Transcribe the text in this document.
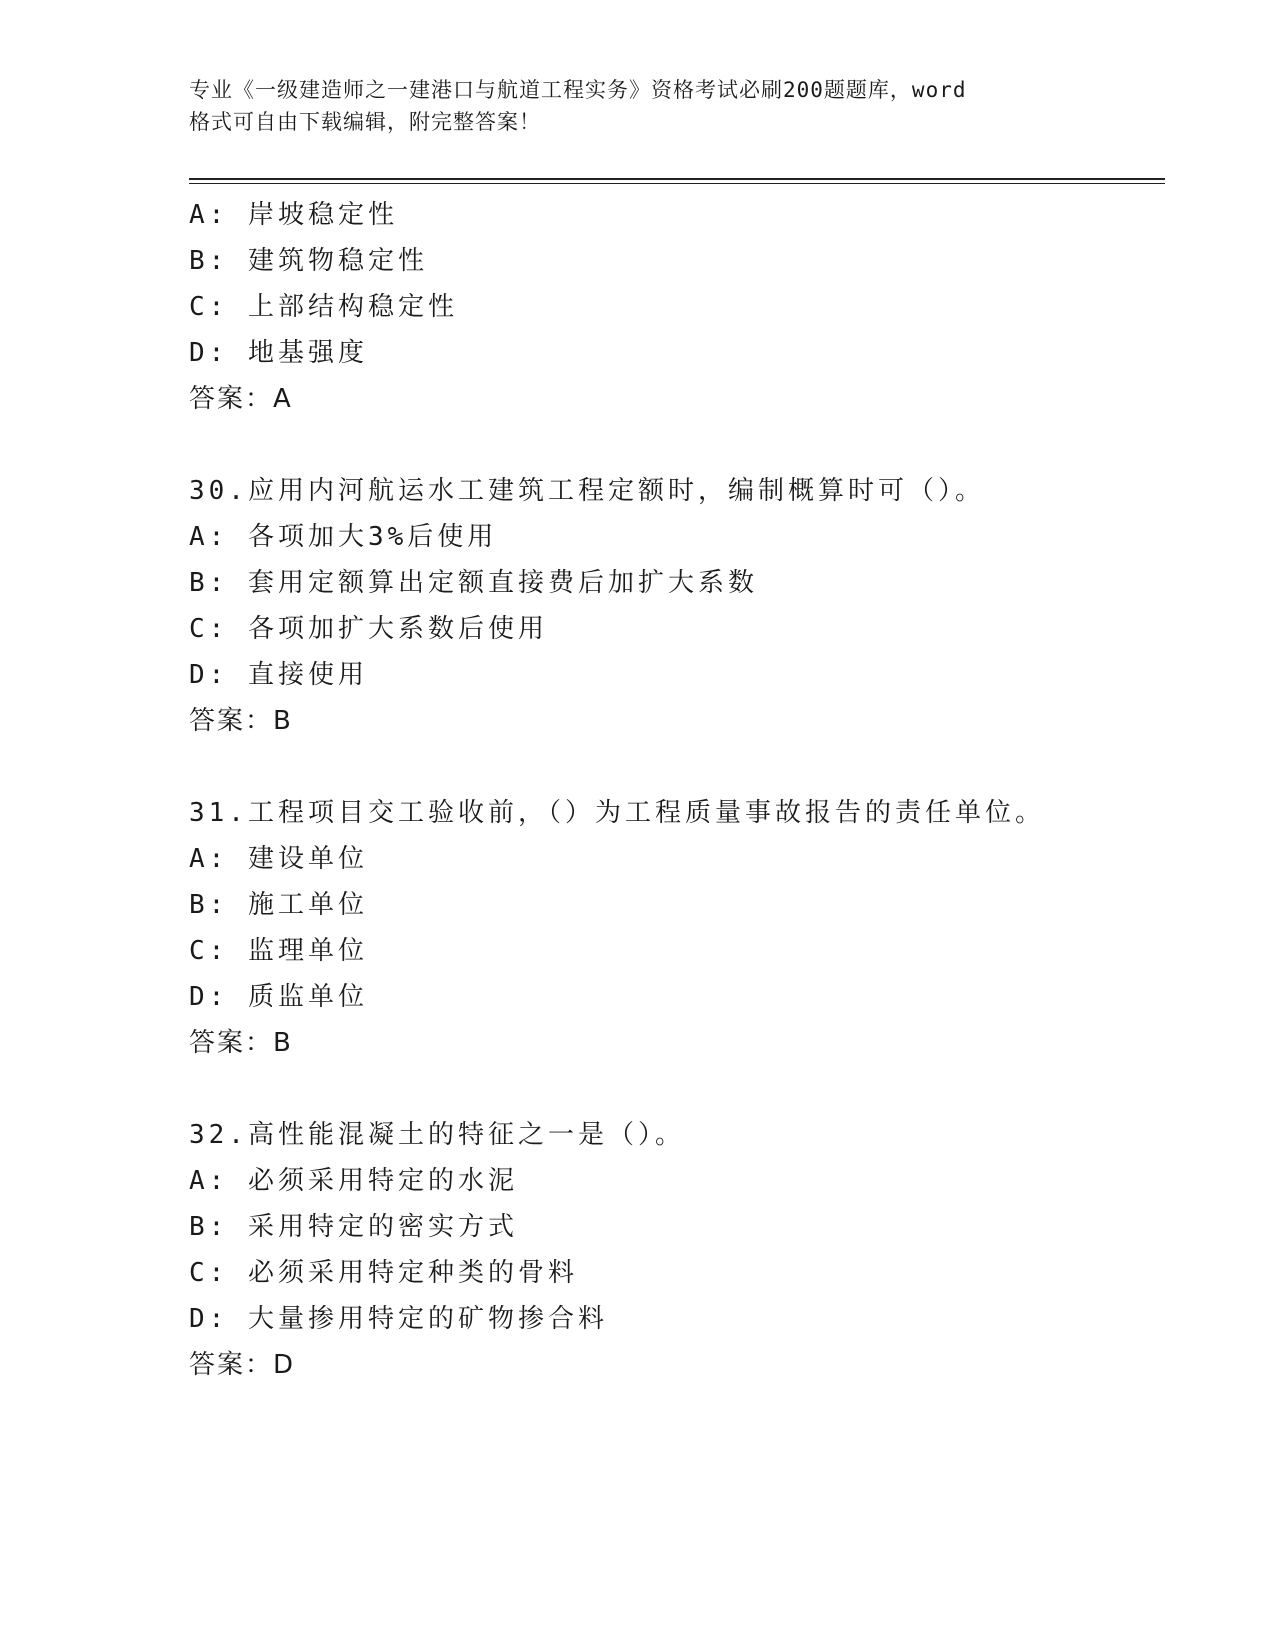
专业《一级建造师之一建港口与航道工程实务》资格考试必刷200题题库，word
格式可自由下载编辑，附完整答案！
A: 岸坡稳定性
B: 建筑物稳定性
C: 上部结构稳定性
D: 地基强度
答案：A
30.应用内河航运水工建筑工程定额时，编制概算时可（）。
A: 各项加大3%后使用
B: 套用定额算出定额直接费后加扩大系数
C: 各项加扩大系数后使用
D: 直接使用
答案：B
31.工程项目交工验收前，（）为工程质量事故报告的责任单位。
A: 建设单位
B: 施工单位
C: 监理单位
D: 质监单位
答案：B
32.高性能混凝土的特征之一是（）。
A: 必须采用特定的水泥
B: 采用特定的密实方式
C: 必须采用特定种类的骨料
D: 大量掺用特定的矿物掺合料
答案：D
